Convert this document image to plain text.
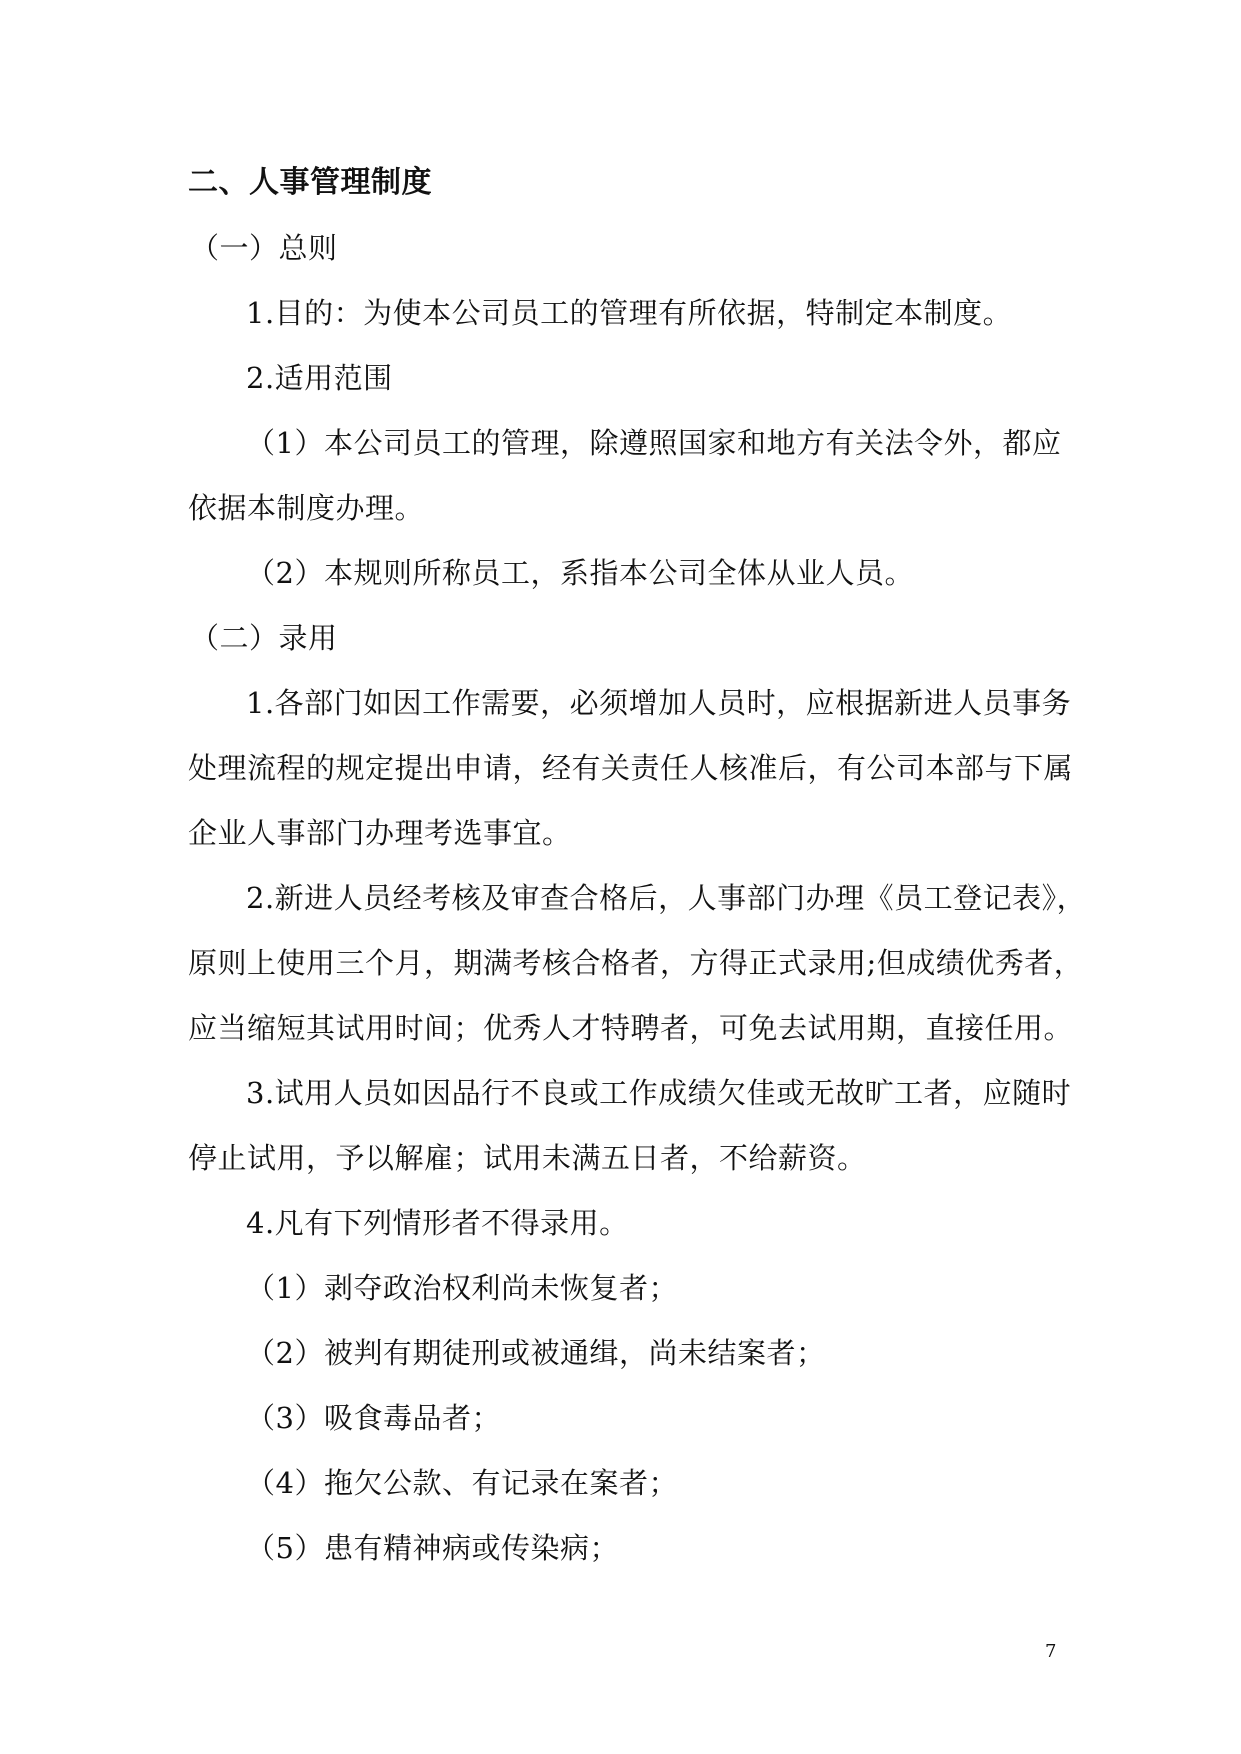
二、人事管理制度
（一）总则
1.目的：为使本公司员工的管理有所依据，特制定本制度。
2.适用范围
（1）本公司员工的管理，除遵照国家和地方有关法令外，都应
依据本制度办理。
（2）本规则所称员工，系指本公司全体从业人员。
（二）录用
1.各部门如因工作需要，必须增加人员时，应根据新进人员事务
处理流程的规定提出申请，经有关责任人核准后，有公司本部与下属
企业人事部门办理考选事宜。
2.新进人员经考核及审查合格后，人事部门办理《员工登记表》，
原则上使用三个月，期满考核合格者，方得正式录用;但成绩优秀者，
应当缩短其试用时间；优秀人才特聘者，可免去试用期，直接任用。
3.试用人员如因品行不良或工作成绩欠佳或无故旷工者，应随时
停止试用，予以解雇；试用未满五日者，不给薪资。
4.凡有下列情形者不得录用。
（1）剥夺政治权利尚未恢复者；
（2）被判有期徒刑或被通缉，尚未结案者；
（3）吸食毒品者；
（4）拖欠公款、有记录在案者；
（5）患有精神病或传染病；
7
